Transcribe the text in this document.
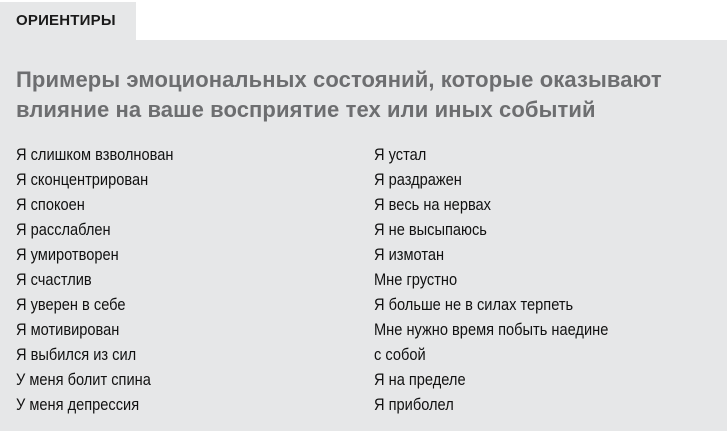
ОРИЕНТИРЫ
Примеры эмоциональных состояний, которые оказывают влияние на ваше восприятие тех или иных событий
Я слишком взволнован
Я сконцентрирован
Я спокоен
Я расслаблен
Я умиротворен
Я счастлив
Я уверен в себе
Я мотивирован
Я выбился из сил
У меня болит спина
У меня депрессия
Я устал
Я раздражен
Я весь на нервах
Я не высыпаюсь
Я измотан
Мне грустно
Я больше не в силах терпеть
Мне нужно время побыть наедине
с собой
Я на пределе
Я приболел
